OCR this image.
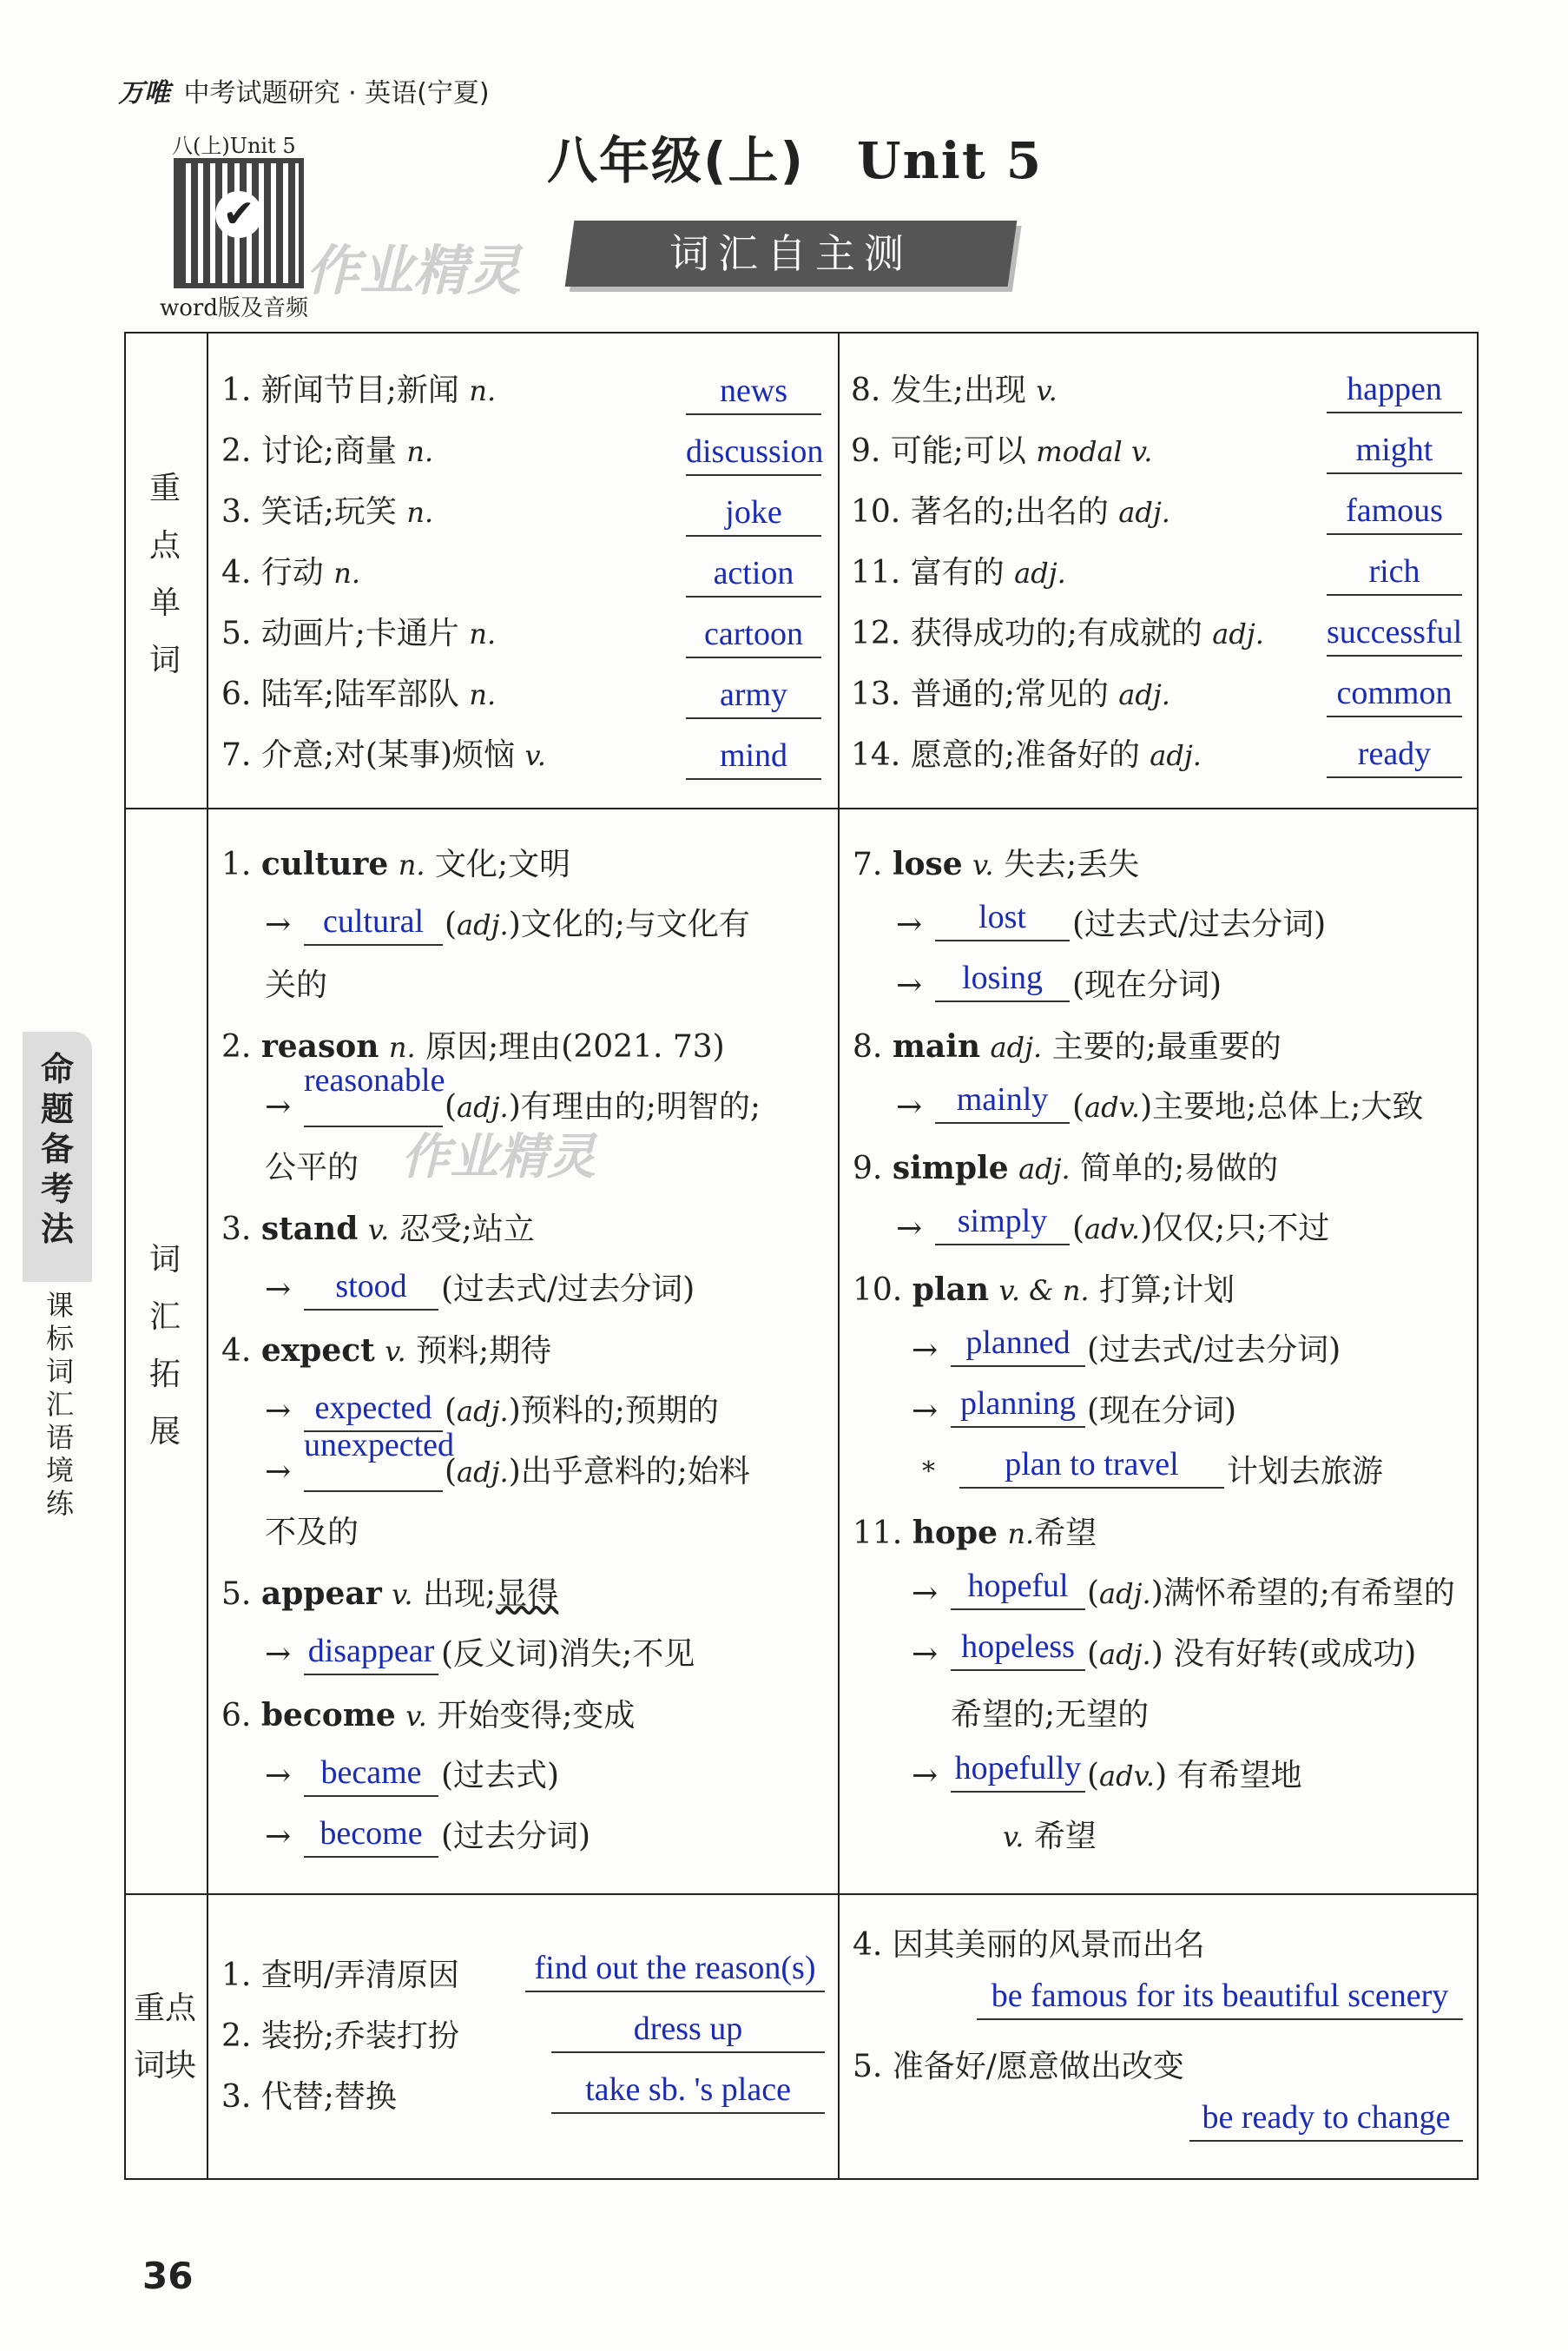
万唯 中考试题研究 · 英语(宁夏)
八(上)Unit 5
✔
word版及音频
作业精灵
八年级(上) Unit 5
词汇自主测
重点单词
词汇拓展
重点词块
1. 新闻节目;新闻 n.	news
2. 讨论;商量 n.	discussion
3. 笑话;玩笑 n.	joke
4. 行动 n.	action
5. 动画片;卡通片 n.	cartoon
6. 陆军;陆军部队 n.	army
7. 介意;对(某事)烦恼 v.	mind
8. 发生;出现 v.	happen
9. 可能;可以 modal v.	might
10. 著名的;出名的 adj.	famous
11. 富有的 adj.	rich
12. 获得成功的;有成就的 adj. successful
13. 普通的;常见的 adj.	common
14. 愿意的;准备好的 adj.	ready
1. culture n. 文化;文明
→ cultural (adj.)文化的;与文化有
关的
2. reason n. 原因;理由(2021. 73)
→
reasonable
(adj.)有理由的;明智的;
公平的 作业精灵
3. stand v. 忍受;站立
→	stood	(过去式/过去分词)
4. expect v. 预料;期待
→ expected (adj.)预料的;预期的
→
unexpected
(adj.)出乎意料的;始料
不及的
5. appear v. 出现;显得
→ disappear (反义词)消失;不见
6. become v. 开始变得;变成
→ became (过去式)
→ become (过去分词)
7. lose v. 失去;丢失
→	lost	(过去式/过去分词)
→	losing (现在分词)
8. main adj. 主要的;最重要的
→	mainly (adv.)主要地;总体上;大致
9. simple adj. 简单的;易做的
→	simply (adv.)仅仅;只;不过
10. plan v. & n. 打算;计划
→ planned (过去式/过去分词)
→ planning (现在分词)
*	plan to travel	计划去旅游
11. hope n.希望
→ hopeful (adj.)满怀希望的;有希望的
→ hopeless (adj.) 没有好转(或成功)
希望的;无望的
→ hopefully (adv.) 有希望地
v. 希望
1. 查明/弄清原因 find out the reason(s)
2. 装扮;乔装打扮	dress up
3. 代替;替换	take sb. 's place
4. 因其美丽的风景而出名
be famous for its beautiful scenery
5. 准备好/愿意做出改变
be ready to change
命题备考法
课标词汇语境练
36
